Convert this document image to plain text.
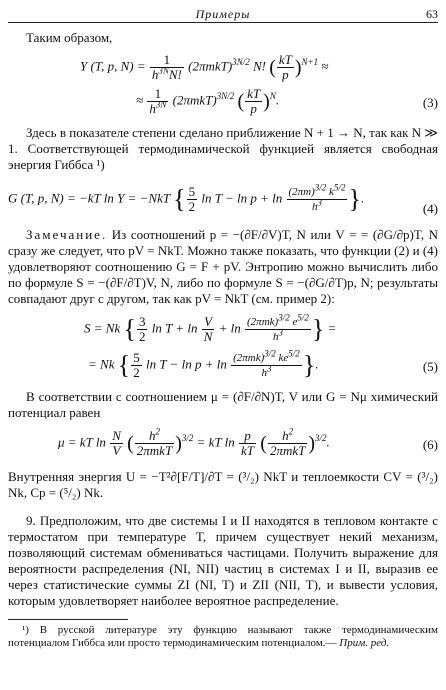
Примеры	63

Таким образом,

Y (T, p, $N) = \frac{1}{h^{3N}N!} (2\pi mkT)^{3N/2}$ N! ( $\frac{kT}{p} )^{N+1}$ ≈
≈ $\frac{1}{h^{3N}} (2\pi mkT)^{3N/2}$ ( $\frac{kT}{p} )^N$.	(3)

Здесь в показателе степени сделано приближение N + 1 → N, так как N ≫ 1. Соответствующей термодинамической функцией является свободная энергия Гиббса ¹)

G (T, p, N) = −kT ln Y = −NkT { $\frac{5}{2}$ $\ln T - \ln p + \ln \frac{(2\pi m)^{3/2} k^{5/2}}{h^3}$ }.
(4)

Замечание. Из соотношений p = −(∂F/∂V)T, N или V = = (∂G/∂p)T, N сразу же следует, что pV = NkT. Можно также показать, что функции (2) и (4) удовлетворяют соотношению G = F + pV. Энтропию можно вычислить либо по формуле S = −(∂F/∂T)V, N, либо по формуле S = −(∂G/∂T)p, N; результаты совпадают друг с другом, так как pV = NkT (см. пример 2):

S = Nk { $\frac{3}{2}$ $\ln T + \ln \frac{V}{N} + \ln \frac{(2\pi mk)^{3/2} e^{5/2}}{h^3}$ } =
= Nk { $\frac{5}{2}$ $\ln T - \ln p + \ln \frac{(2\pi mk)^{3/2} ke^{5/2}}{h^3}$ }.	(5)

В соответствии с соотношением μ = (∂F/∂N)T, V или G = Nμ химический потенциал равен

μ = kT $\ln \frac{N}{V}$ ( $\frac{h^2}{\text{2πmkT}} )^{3/2}$ = kT $\ln \frac{p}{kT}$ ( $\frac{h^2}{\text{2πmkT}} )^{3/2}$.	(6)

Внутренняя энергия U = −T²∂[F/T]/∂T = (³/₂) NkT и теплоемкости CV = (³/₂) Nk, Cp = (⁵/₂) Nk.

9. Предположим, что две системы I и II находятся в тепловом контакте с термостатом при температуре T, причем существует некий механизм, позволяющий системам обмениваться частицами. Получить выражение для вероятности распределения (NI, NII) частиц в системах I и II, выразив ее через статистические суммы ZI (NI, T) и ZII (NII, T), и вывести условия, которым удовлетворяет наиболее вероятное распределение.

¹) В русской литературе эту функцию называют также термодинамическим потенциалом Гиббса или просто термодинамическим потенциалом.— Прим. ред.
